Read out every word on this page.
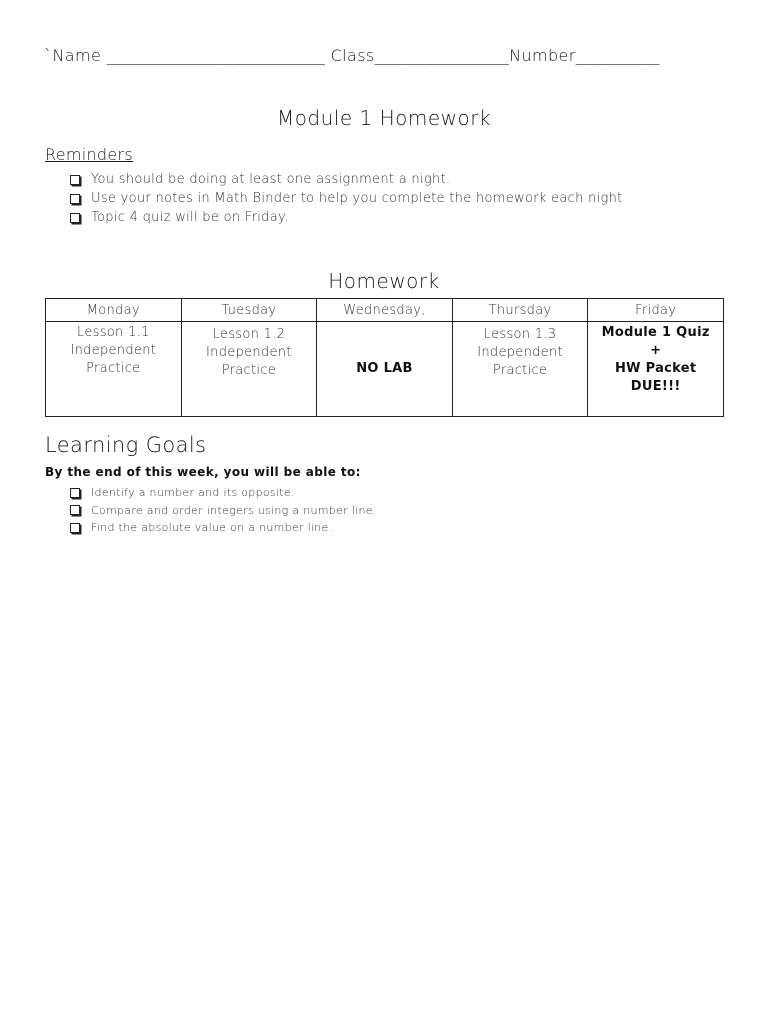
`Name __________________________ Class________________Number__________
Module 1 Homework
Reminders
You should be doing at least one assignment a night.
Use your notes in Math Binder to help you complete the homework each night
Topic 4 quiz will be on Friday.
Homework
Monday	Tuesday	Wednesday,	Thursday	Friday

Lesson 1.1
Independent
Practice	Lesson 1.2
Independent
Practice	NO LAB	Lesson 1.3
Independent
Practice	Module 1 Quiz
+
HW Packet
DUE!!!
Learning Goals
By the end of this week, you will be able to:
Identify a number and its opposite.
Compare and order integers using a number line.
Find the absolute value on a number line.
